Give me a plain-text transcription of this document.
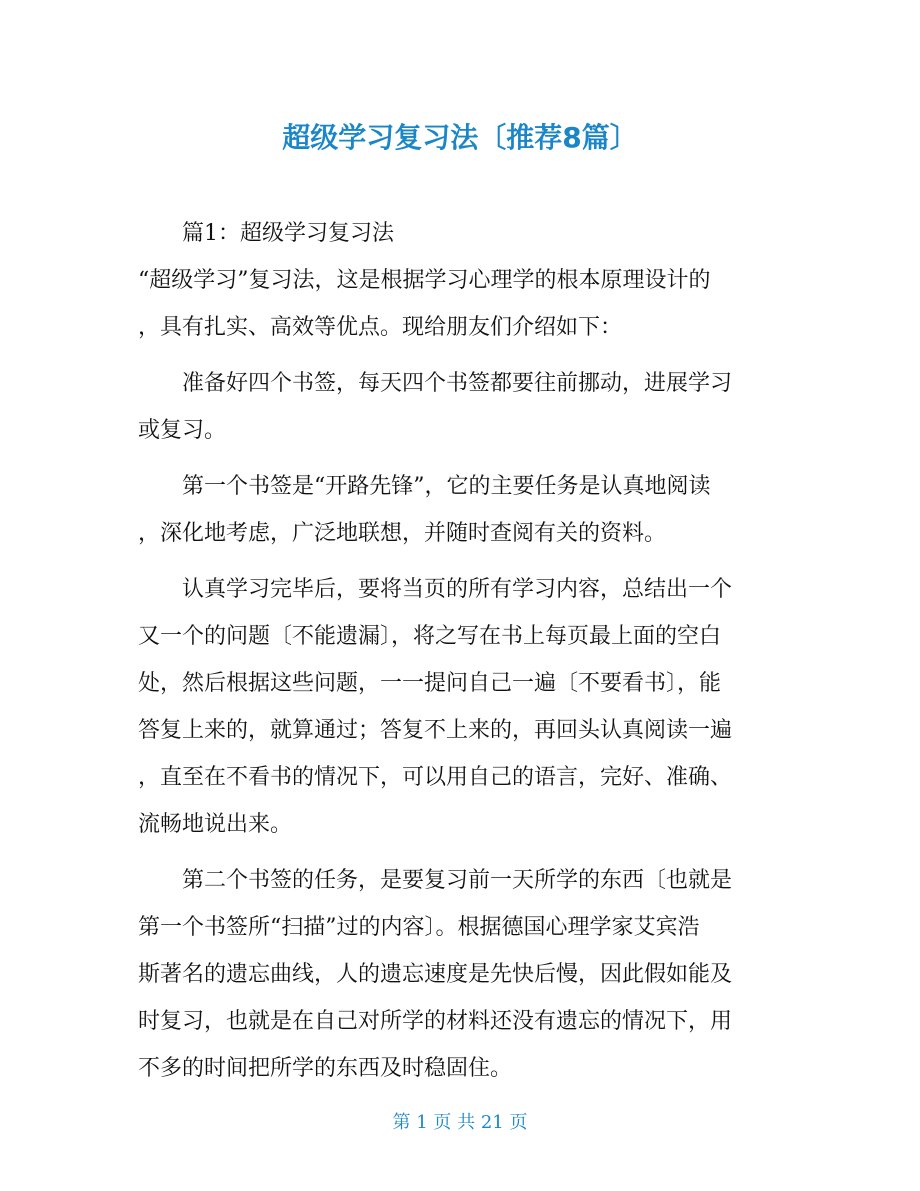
超级学习复习法〔推荐8篇〕
篇1：超级学习复习法
“超级学习”复习法，这是根据学习心理学的根本原理设计的
，具有扎实、高效等优点。现给朋友们介绍如下：
准备好四个书签，每天四个书签都要往前挪动，进展学习
或复习。
第一个书签是“开路先锋”，它的主要任务是认真地阅读
，深化地考虑，广泛地联想，并随时查阅有关的资料。
认真学习完毕后，要将当页的所有学习内容，总结出一个
又一个的问题〔不能遗漏〕，将之写在书上每页最上面的空白
处，然后根据这些问题，一一提问自己一遍〔不要看书〕，能
答复上来的，就算通过；答复不上来的，再回头认真阅读一遍
，直至在不看书的情况下，可以用自己的语言，完好、准确、
流畅地说出来。
第二个书签的任务，是要复习前一天所学的东西〔也就是
第一个书签所“扫描”过的内容〕。根据德国心理学家艾宾浩
斯著名的遗忘曲线，人的遗忘速度是先快后慢，因此假如能及
时复习，也就是在自己对所学的材料还没有遗忘的情况下，用
不多的时间把所学的东西及时稳固住。
第 1 页 共 21 页
